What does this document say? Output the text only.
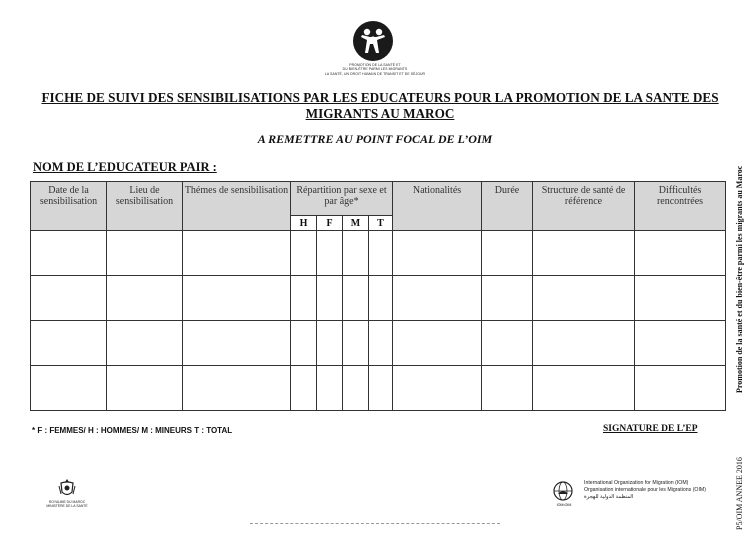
PROMOTION DE LA SANTÉ ET
DU BIEN-ÊTRE PARMI LES MIGRANTS
LA SANTÉ, UN DROIT HUMAIN DE TRANSIT ET DE SÉJOUR
FICHE DE SUIVI DES SENSIBILISATIONS PAR LES EDUCATEURS POUR LA PROMOTION DE LA SANTE DES MIGRANTS AU MAROC
A REMETTRE AU POINT FOCAL DE L’OIM
NOM DE L’EDUCATEUR PAIR :
Date de la sensibilisation	Lieu de sensibilisation	Thémes de sensibilisation	Répartition par sexe et par âge*				Nationalités	Durée	Structure de santé de référence	Difficultés rencontrées
			H	F	M	T				

* F : FEMMES/ H : HOMMES/ M : MINEURS T : TOTAL	SIGNATURE DE L’EP
Promotion de la santé et du bien-être parmi les migrants au Maroc
P5/OIM ANNEE 2016
ROYAUME DU MAROC
MINISTÈRE DE LA SANTÉ	IOM•OIM
International Organization for Migration (IOM)
Organisation internationale pour les Migrations (OIM)
المنظمة الدولية للهجرة
